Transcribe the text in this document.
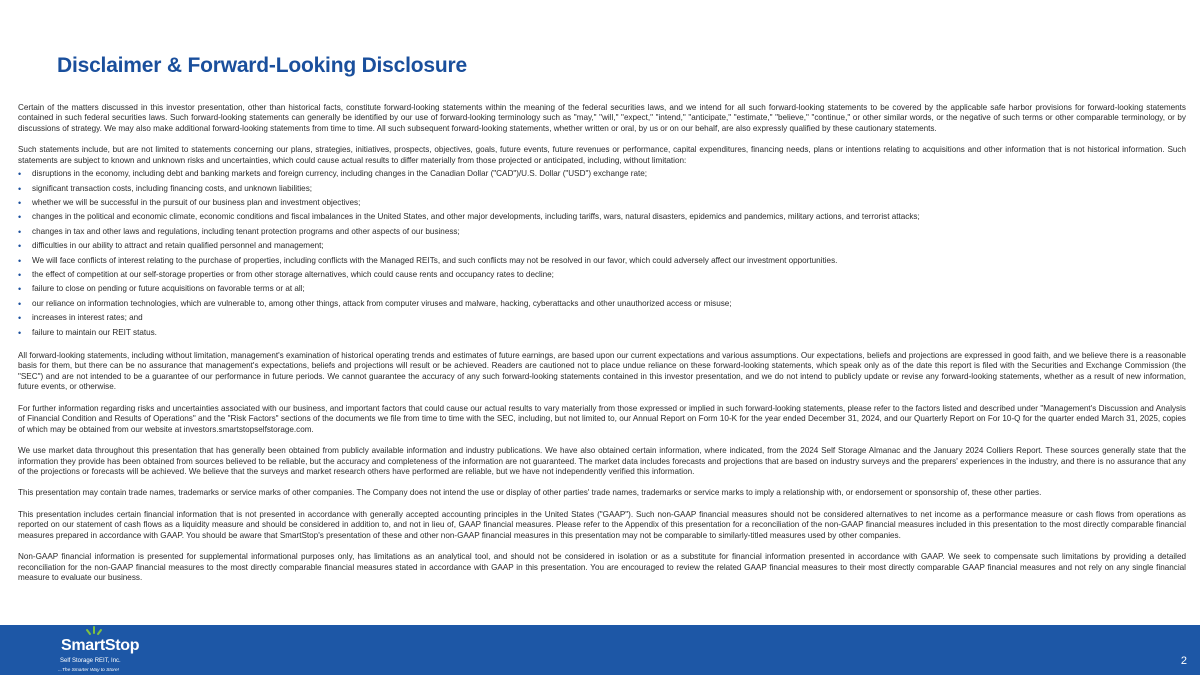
Disclaimer & Forward-Looking Disclosure

Certain of the matters discussed in this investor presentation, other than historical facts, constitute forward-looking statements within the meaning of the federal securities laws, and we intend for all such forward-looking statements to be covered by the applicable safe harbor provisions for forward-looking statements contained in such federal securities laws. Such forward-looking statements can generally be identified by our use of forward-looking terminology such as "may," "will," "expect," "intend," "anticipate," "estimate," "believe," "continue," or other similar words, or the negative of such terms or other comparable terminology, or by discussions of strategy. We may also make additional forward-looking statements from time to time. All such subsequent forward-looking statements, whether written or oral, by us or on our behalf, are also expressly qualified by these cautionary statements.

Such statements include, but are not limited to statements concerning our plans, strategies, initiatives, prospects, objectives, goals, future events, future revenues or performance, capital expenditures, financing needs, plans or intentions relating to acquisitions and other information that is not historical information. Such statements are subject to known and unknown risks and uncertainties, which could cause actual results to differ materially from those projected or anticipated, including, without limitation:

• disruptions in the economy, including debt and banking markets and foreign currency, including changes in the Canadian Dollar ("CAD")/U.S. Dollar ("USD") exchange rate;
• significant transaction costs, including financing costs, and unknown liabilities;
• whether we will be successful in the pursuit of our business plan and investment objectives;
• changes in the political and economic climate, economic conditions and fiscal imbalances in the United States, and other major developments, including tariffs, wars, natural disasters, epidemics and pandemics, military actions, and terrorist attacks;
• changes in tax and other laws and regulations, including tenant protection programs and other aspects of our business;
• difficulties in our ability to attract and retain qualified personnel and management;
• We will face conflicts of interest relating to the purchase of properties, including conflicts with the Managed REITs, and such conflicts may not be resolved in our favor, which could adversely affect our investment opportunities.
• the effect of competition at our self-storage properties or from other storage alternatives, which could cause rents and occupancy rates to decline;
• failure to close on pending or future acquisitions on favorable terms or at all;
• our reliance on information technologies, which are vulnerable to, among other things, attack from computer viruses and malware, hacking, cyberattacks and other unauthorized access or misuse;
• increases in interest rates; and
• failure to maintain our REIT status.

All forward-looking statements, including without limitation, management's examination of historical operating trends and estimates of future earnings, are based upon our current expectations and various assumptions. Our expectations, beliefs and projections are expressed in good faith, and we believe there is a reasonable basis for them, but there can be no assurance that management's expectations, beliefs and projections will result or be achieved. Readers are cautioned not to place undue reliance on these forward-looking statements, which speak only as of the date this report is filed with the Securities and Exchange Commission (the "SEC") and are not intended to be a guarantee of our performance in future periods. We cannot guarantee the accuracy of any such forward-looking statements contained in this investor presentation, and we do not intend to publicly update or revise any forward-looking statements, whether as a result of new information, future events, or otherwise.

For further information regarding risks and uncertainties associated with our business, and important factors that could cause our actual results to vary materially from those expressed or implied in such forward-looking statements, please refer to the factors listed and described under "Management's Discussion and Analysis of Financial Condition and Results of Operations" and the "Risk Factors" sections of the documents we file from time to time with the SEC, including, but not limited to, our Annual Report on Form 10-K for the year ended December 31, 2024, and our Quarterly Report on For 10-Q for the quarter ended March 31, 2025, copies of which may be obtained from our website at investors.smartstopselfstorage.com.

We use market data throughout this presentation that has generally been obtained from publicly available information and industry publications. We have also obtained certain information, where indicated, from the 2024 Self Storage Almanac and the January 2024 Colliers Report. These sources generally state that the information they provide has been obtained from sources believed to be reliable, but the accuracy and completeness of the information are not guaranteed. The market data includes forecasts and projections that are based on industry surveys and the preparers' experiences in the industry, and there is no assurance that any of the projections or forecasts will be achieved. We believe that the surveys and market research others have performed are reliable, but we have not independently verified this information.

This presentation may contain trade names, trademarks or service marks of other companies. The Company does not intend the use or display of other parties' trade names, trademarks or service marks to imply a relationship with, or endorsement or sponsorship of, these other parties.

This presentation includes certain financial information that is not presented in accordance with generally accepted accounting principles in the United States ("GAAP"). Such non-GAAP financial measures should not be considered alternatives to net income as a performance measure or cash flows from operations as reported on our statement of cash flows as a liquidity measure and should be considered in addition to, and not in lieu of, GAAP financial measures. Please refer to the Appendix of this presentation for a reconciliation of the non-GAAP financial measures included in this presentation to the most directly comparable financial measures prepared in accordance with GAAP. You should be aware that SmartStop's presentation of these and other non-GAAP financial measures in this presentation may not be comparable to similarly-titled measures used by other companies.

Non-GAAP financial information is presented for supplemental informational purposes only, has limitations as an analytical tool, and should not be considered in isolation or as a substitute for financial information presented in accordance with GAAP. We seek to compensate such limitations by providing a detailed reconciliation for the non-GAAP financial measures to the most directly comparable financial measures stated in accordance with GAAP in this presentation. You are encouraged to review the related GAAP financial measures to their most directly comparable GAAP financial measures and not rely on any single financial measure to evaluate our business.

SmartStop
Self Storage REIT, Inc.
...The Smarter Way to Store!
2
